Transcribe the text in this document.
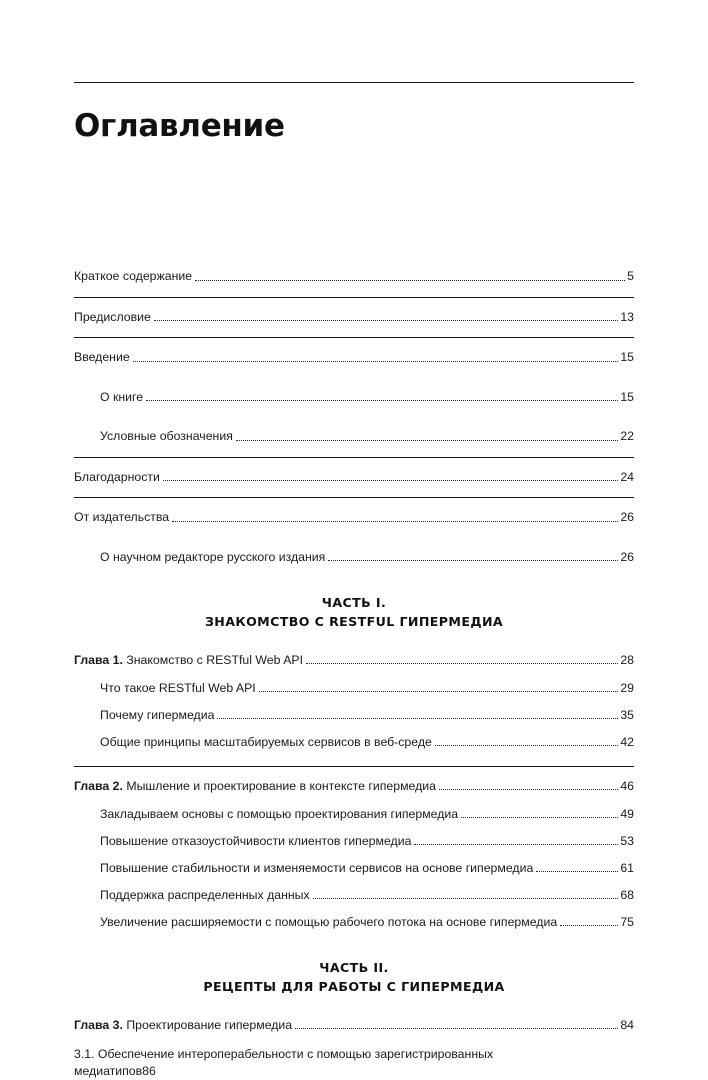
Оглавление
Краткое содержание	5
Предисловие	13
Введение	15
О книге	15
Условные обозначения	22
Благодарности	24
От издательства	26
О научном редакторе русского издания	26
ЧАСТЬ I.
ЗНАКОМСТВО С RESTFUL ГИПЕРМЕДИА
Глава 1. Знакомство с RESTful Web API	28
Что такое RESTful Web API	29
Почему гипермедиа	35
Общие принципы масштабируемых сервисов в веб-среде	42
Глава 2. Мышление и проектирование в контексте гипермедиа	46
Закладываем основы с помощью проектирования гипермедиа	49
Повышение отказоустойчивости клиентов гипермедиа	53
Повышение стабильности и изменяемости сервисов на основе гипермедиа	61
Поддержка распределенных данных	68
Увеличение расширяемости с помощью рабочего потока на основе гипермедиа	75
ЧАСТЬ II.
РЕЦЕПТЫ ДЛЯ РАБОТЫ С ГИПЕРМЕДИА
Глава 3. Проектирование гипермедиа	84
3.1. Обеспечение интероперабельности с помощью зарегистрированных
медиатипов 86
